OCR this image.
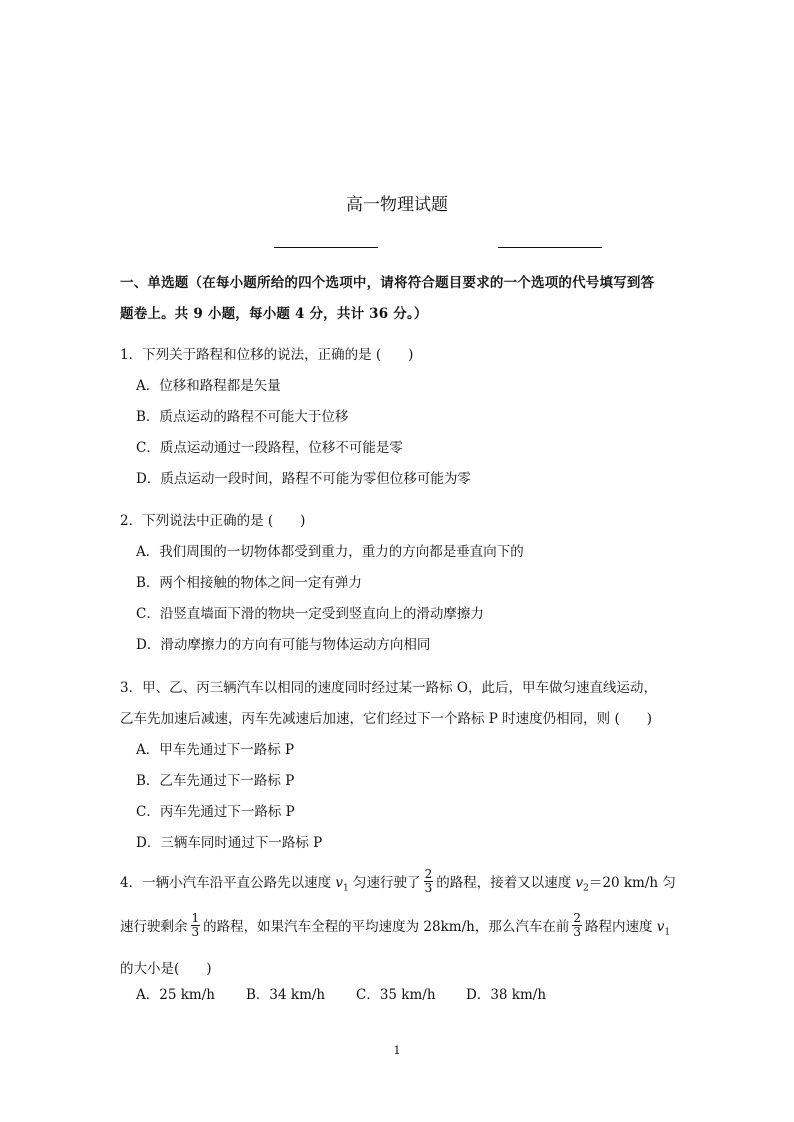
高一物理试题
一、单选题（在每小题所给的四个选项中，请将符合题目要求的一个选项的代号填写到答
题卷上。共 9 小题，每小题 4 分，共计 36 分。）
1．下列关于路程和位移的说法，正确的是 (　　)
A．位移和路程都是矢量
B．质点运动的路程不可能大于位移
C．质点运动通过一段路程，位移不可能是零
D．质点运动一段时间，路程不可能为零但位移可能为零
2．下列说法中正确的是 (　　)
A．我们周围的一切物体都受到重力，重力的方向都是垂直向下的
B．两个相接触的物体之间一定有弹力
C．沿竖直墙面下滑的物块一定受到竖直向上的滑动摩擦力
D．滑动摩擦力的方向有可能与物体运动方向相同
3．甲、乙、丙三辆汽车以相同的速度同时经过某一路标 O，此后，甲车做匀速直线运动，
乙车先加速后减速，丙车先减速后加速，它们经过下一个路标 P 时速度仍相同，则 (　　)
A．甲车先通过下一路标 P
B．乙车先通过下一路标 P
C．丙车先通过下一路标 P
D．三辆车同时通过下一路标 P
4．一辆小汽车沿平直公路先以速度 $v_1$ 匀速行驶了 $\frac{2}{3}$ 的路程，接着又以速度 $v_2=20$ km/h 匀
速行驶剩余 $\frac{1}{3}$ 的路程，如果汽车全程的平均速度为 28km/h，那么汽车在前 $\frac{2}{3}$ 路程内速度 $v_1$
的大小是(　　)
A．25 km/h B．34 km/h C．35 km/h D．38 km/h
1
